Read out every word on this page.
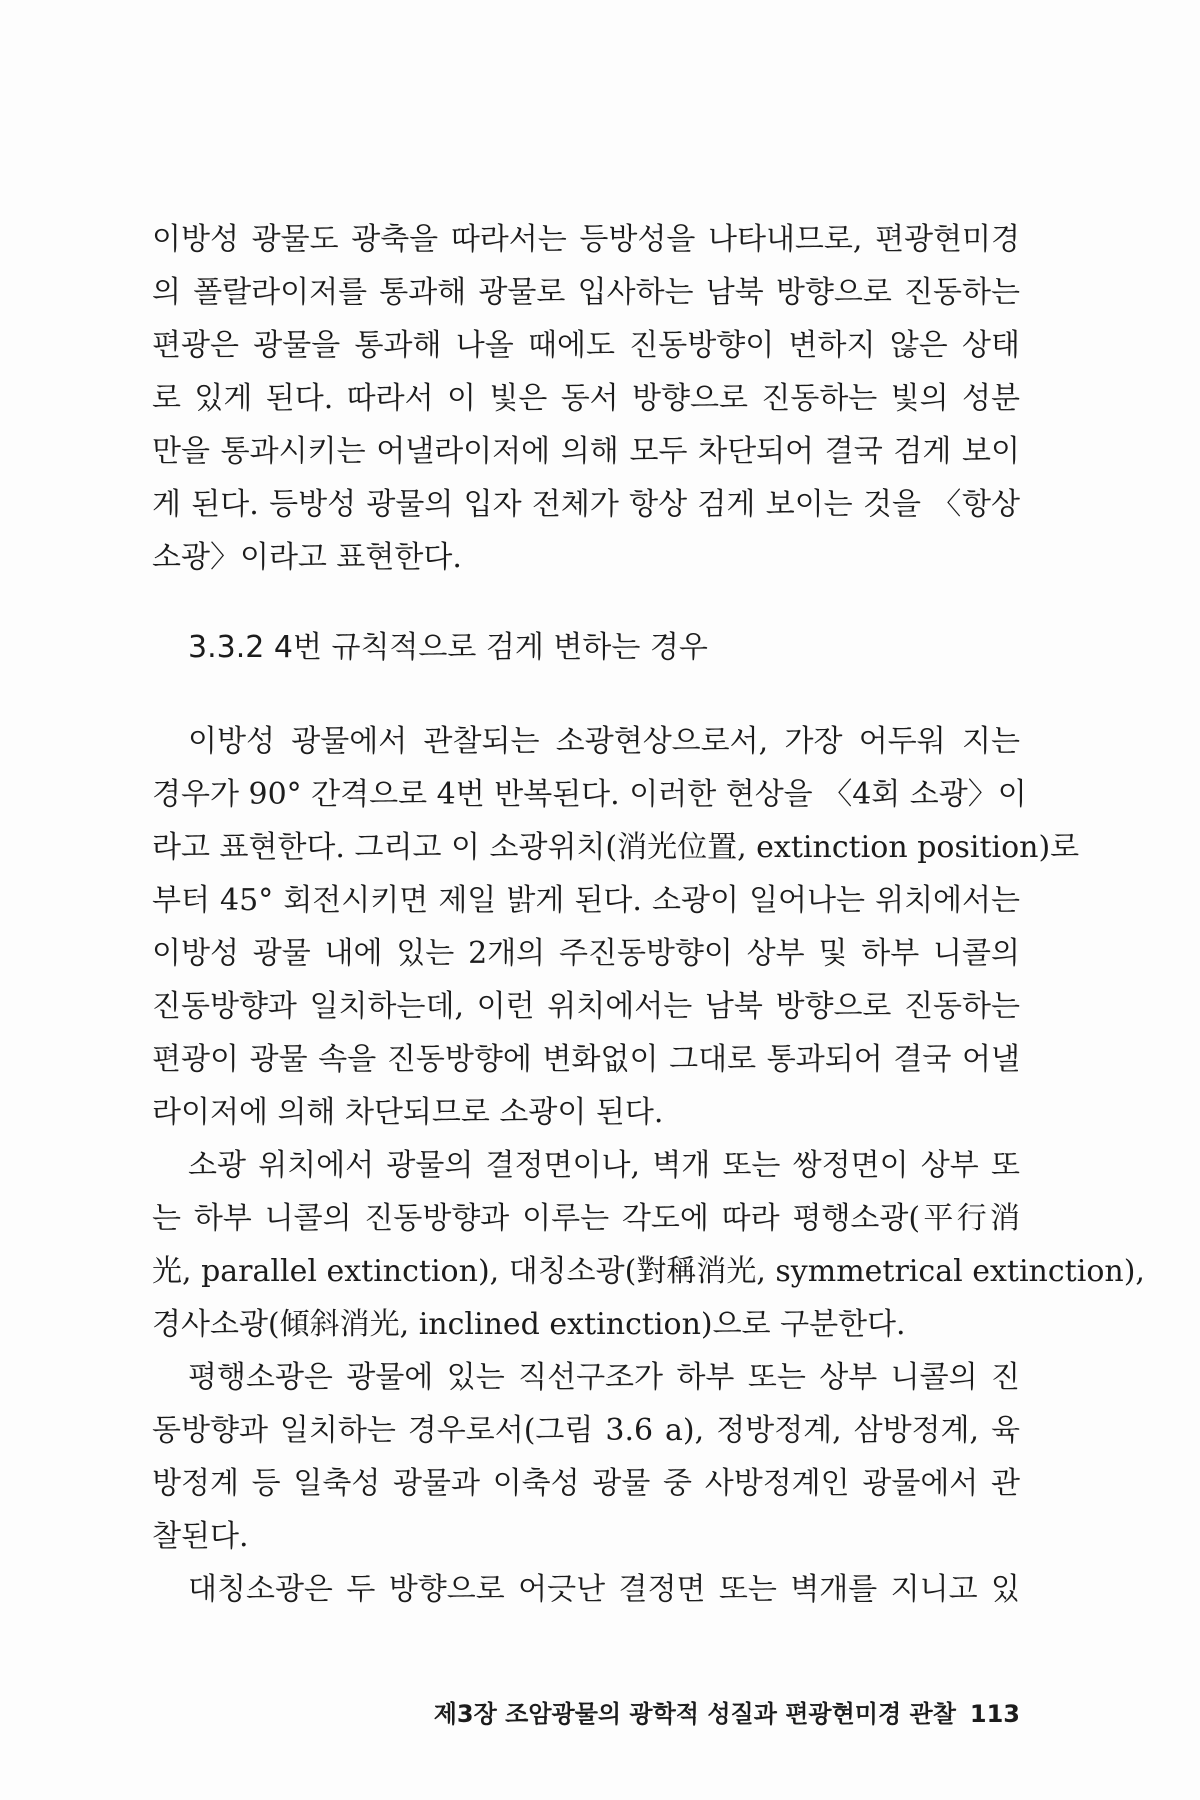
이방성 광물도 광축을 따라서는 등방성을 나타내므로, 편광현미경
의 폴랄라이저를 통과해 광물로 입사하는 남북 방향으로 진동하는
편광은 광물을 통과해 나올 때에도 진동방향이 변하지 않은 상태
로 있게 된다. 따라서 이 빛은 동서 방향으로 진동하는 빛의 성분
만을 통과시키는 어낼라이저에 의해 모두 차단되어 결국 검게 보이
게 된다. 등방성 광물의 입자 전체가 항상 검게 보이는 것을 〈항상
소광〉이라고 표현한다.
3.3.2 4번 규칙적으로 검게 변하는 경우
이방성 광물에서 관찰되는 소광현상으로서, 가장 어두워 지는
경우가 90° 간격으로 4번 반복된다. 이러한 현상을 〈4회 소광〉이
라고 표현한다. 그리고 이 소광위치(消光位置, extinction position)로
부터 45° 회전시키면 제일 밝게 된다. 소광이 일어나는 위치에서는
이방성 광물 내에 있는 2개의 주진동방향이 상부 및 하부 니콜의
진동방향과 일치하는데, 이런 위치에서는 남북 방향으로 진동하는
편광이 광물 속을 진동방향에 변화없이 그대로 통과되어 결국 어낼
라이저에 의해 차단되므로 소광이 된다.
소광 위치에서 광물의 결정면이나, 벽개 또는 쌍정면이 상부 또
는 하부 니콜의 진동방향과 이루는 각도에 따라 평행소광(平行消
光, parallel extinction), 대칭소광(對稱消光, symmetrical extinction),
경사소광(傾斜消光, inclined extinction)으로 구분한다.
평행소광은 광물에 있는 직선구조가 하부 또는 상부 니콜의 진
동방향과 일치하는 경우로서(그림 3.6 a), 정방정계, 삼방정계, 육
방정계 등 일축성 광물과 이축성 광물 중 사방정계인 광물에서 관
찰된다.
대칭소광은 두 방향으로 어긋난 결정면 또는 벽개를 지니고 있
제3장 조암광물의 광학적 성질과 편광현미경 관찰 113
